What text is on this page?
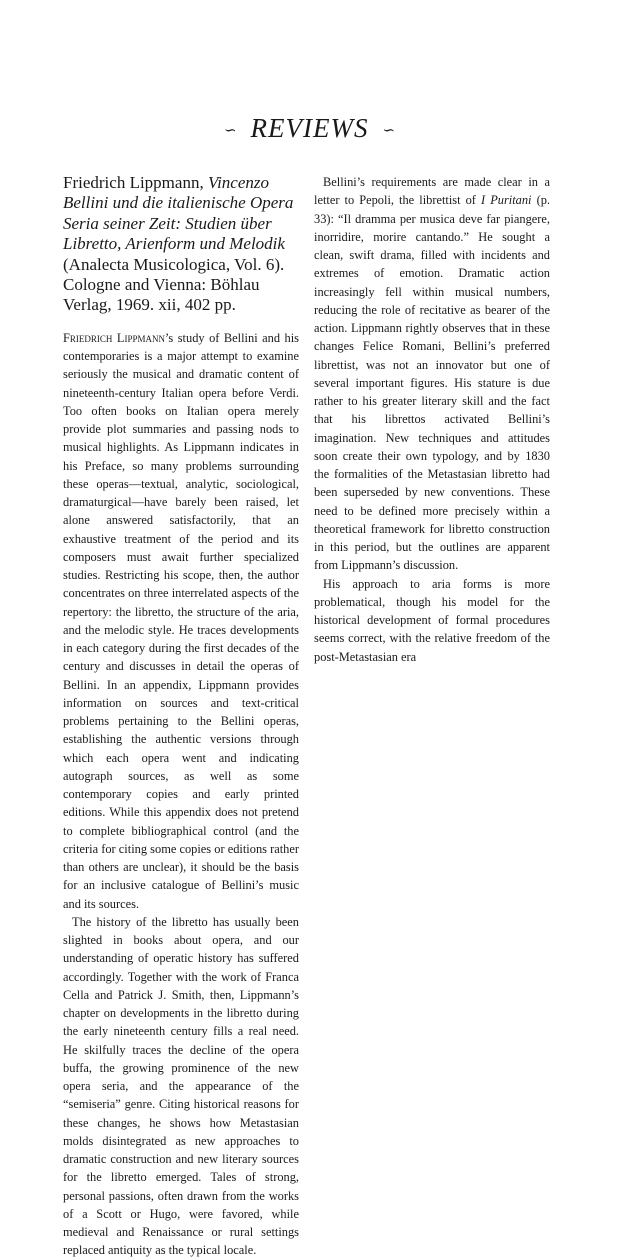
∽ REVIEWS ∽

Friedrich Lippmann, Vincenzo Bellini und die italienische Opera Seria seiner Zeit: Studien über Libretto, Arienform und Melodik (Analecta Musicologica, Vol. 6). Cologne and Vienna: Böhlau Verlag, 1969. xii, 402 pp.

Friedrich Lippmann’s study of Bellini and his contemporaries is a major attempt to examine seriously the musical and dramatic content of nineteenth-century Italian opera before Verdi. Too often books on Italian opera merely provide plot summaries and passing nods to musical highlights. As Lippmann indicates in his Preface, so many problems surrounding these operas—textual, analytic, sociological, dramaturgical—have barely been raised, let alone answered satisfactorily, that an exhaustive treatment of the period and its composers must await further specialized studies. Restricting his scope, then, the author concentrates on three interrelated aspects of the repertory: the libretto, the structure of the aria, and the melodic style. He traces developments in each category during the first decades of the century and discusses in detail the operas of Bellini. In an appendix, Lippmann provides information on sources and text-critical problems pertaining to the Bellini operas, establishing the authentic versions through which each opera went and indicating autograph sources, as well as some contemporary copies and early printed editions. While this appendix does not pretend to complete bibliographical control (and the criteria for citing some copies or editions rather than others are unclear), it should be the basis for an inclusive catalogue of Bellini’s music and its sources.

The history of the libretto has usually been slighted in books about opera, and our understanding of operatic history has suffered accordingly. Together with the work of Franca Cella and Patrick J. Smith, then, Lippmann’s chapter on developments in the libretto during the early nineteenth century fills a real need. He skilfully traces the decline of the opera buffa, the growing prominence of the new opera seria, and the appearance of the “semiseria” genre. Citing historical reasons for these changes, he shows how Metastasian molds disintegrated as new approaches to dramatic construction and new literary sources for the libretto emerged. Tales of strong, personal passions, often drawn from the works of a Scott or Hugo, were favored, while medieval and Renaissance or rural settings replaced antiquity as the typical locale.

Bellini’s requirements are made clear in a letter to Pepoli, the librettist of I Puritani (p. 33): “Il dramma per musica deve far piangere, inorridire, morire cantando.” He sought a clean, swift drama, filled with incidents and extremes of emotion. Dramatic action increasingly fell within musical numbers, reducing the role of recitative as bearer of the action. Lippmann rightly observes that in these changes Felice Romani, Bellini’s preferred librettist, was not an innovator but one of several important figures. His stature is due rather to his greater literary skill and the fact that his librettos activated Bellini’s imagination. New techniques and attitudes soon create their own typology, and by 1830 the formalities of the Metastasian libretto had been superseded by new conventions. These need to be defined more precisely within a theoretical framework for libretto construction in this period, but the outlines are apparent from Lippmann’s discussion.

His approach to aria forms is more problematical, though his model for the historical development of formal procedures seems correct, with the relative freedom of the post-Metastasian era
